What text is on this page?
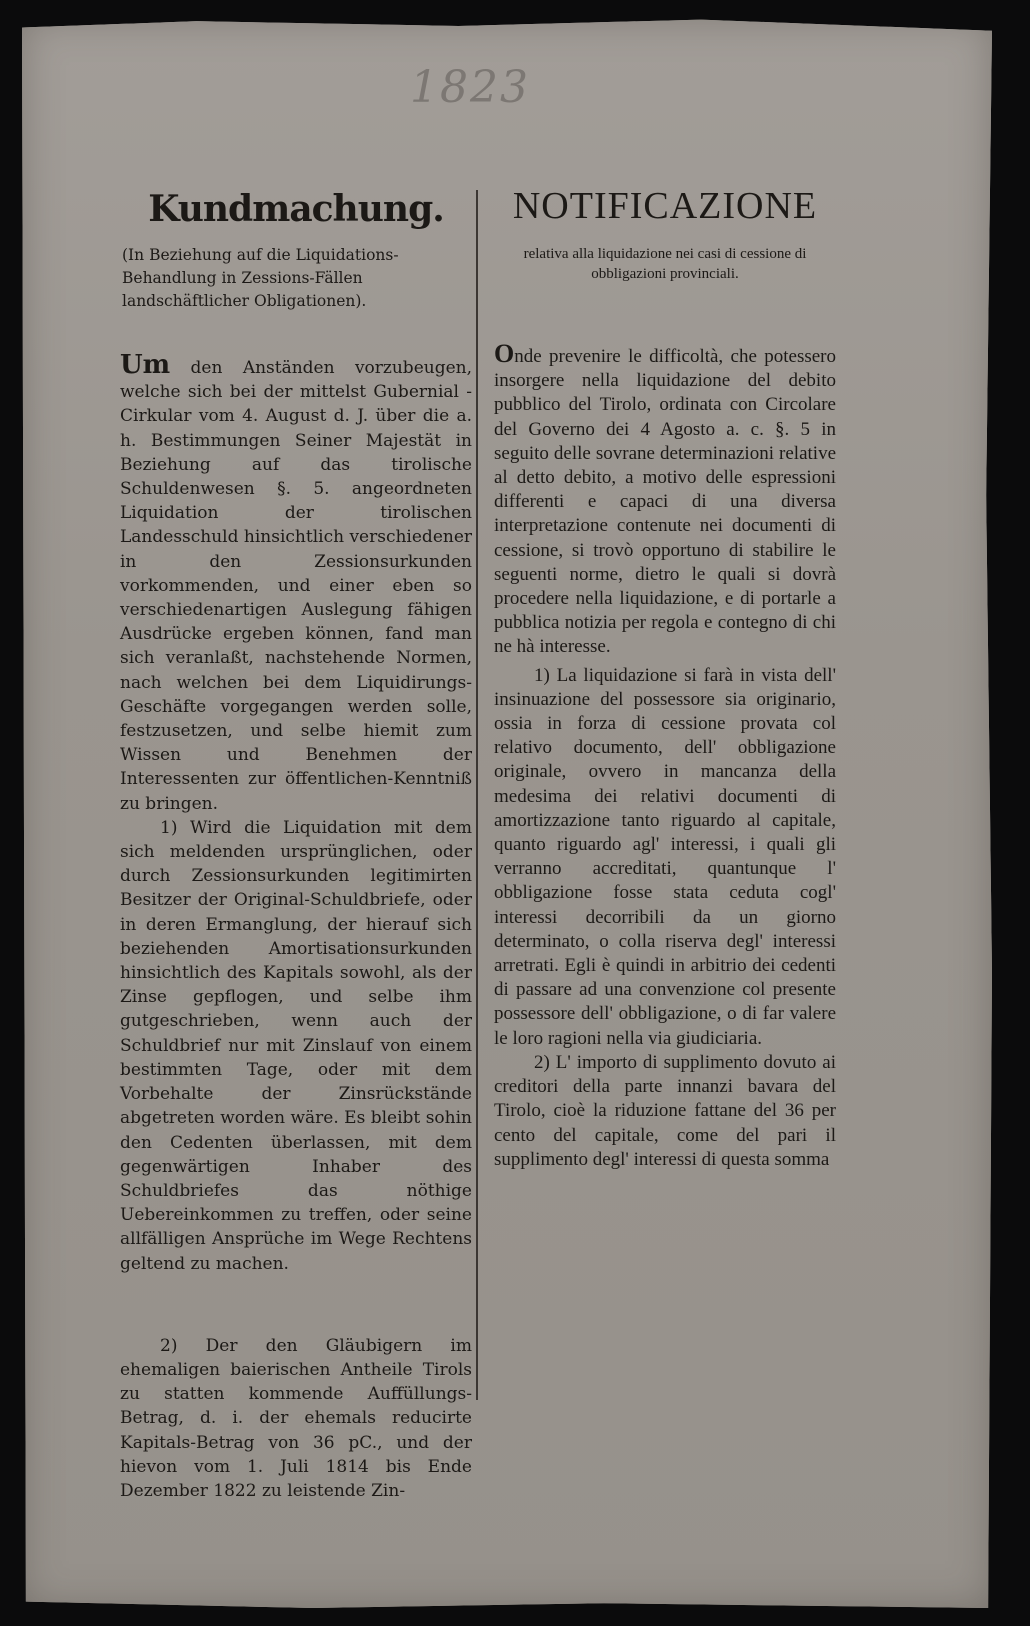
1823
Kundmachung.
(In Beziehung auf die Liquidations-Behandlung in Zessions-Fällen landschäftlicher Obligationen).

Um den Anständen vorzubeugen, welche sich bei der mittelst Gubernial - Cirkular vom 4. August d. J. über die a. h. Bestimmungen Seiner Majestät in Beziehung auf das tirolische Schuldenwesen §. 5. angeordneten Liquidation der tirolischen Landesschuld hinsichtlich verschiedener in den Zessionsurkunden vorkommenden, und einer eben so verschiedenartigen Auslegung fähigen Ausdrücke ergeben können, fand man sich veranlaßt, nachstehende Normen, nach welchen bei dem Liquidirungs-Geschäfte vorgegangen werden solle, festzusetzen, und selbe hiemit zum Wissen und Benehmen der Interessenten zur öffentlichen-Kenntniß zu bringen.

1) Wird die Liquidation mit dem sich meldenden ursprünglichen, oder durch Zessionsurkunden legitimirten Besitzer der Original-Schuldbriefe, oder in deren Ermanglung, der hierauf sich beziehenden Amortisationsurkunden hinsichtlich des Kapitals sowohl, als der Zinse gepflogen, und selbe ihm gutgeschrieben, wenn auch der Schuldbrief nur mit Zinslauf von einem bestimmten Tage, oder mit dem Vorbehalte der Zinsrückstände abgetreten worden wäre. Es bleibt sohin den Cedenten überlassen, mit dem gegenwärtigen Inhaber des Schuldbriefes das nöthige Uebereinkommen zu treffen, oder seine allfälligen Ansprüche im Wege Rechtens geltend zu machen.

2) Der den Gläubigern im ehemaligen baierischen Antheile Tirols zu statten kommende Auffüllungs-Betrag, d. i. der ehemals reducirte Kapitals-Betrag von 36 pC., und der hievon vom 1. Juli 1814 bis Ende Dezember 1822 zu leistende Zin-

NOTIFICAZIONE
relativa alla liquidazione nei casi di cessione di obbligazioni provinciali.

Onde prevenire le difficoltà, che potessero insorgere nella liquidazione del debito pubblico del Tirolo, ordinata con Circolare del Governo dei 4 Agosto a. c. §. 5 in seguito delle sovrane determinazioni relative al detto debito, a motivo delle espressioni differenti e capaci di una diversa interpretazione contenute nei documenti di cessione, si trovò opportuno di stabilire le seguenti norme, dietro le quali si dovrà procedere nella liquidazione, e di portarle a pubblica notizia per regola e contegno di chi ne hà interesse.

1) La liquidazione si farà in vista dell' insinuazione del possessore sia originario, ossia in forza di cessione provata col relativo documento, dell' obbligazione originale, ovvero in mancanza della medesima dei relativi documenti di amortizzazione tanto riguardo al capitale, quanto riguardo agl' interessi, i quali gli verranno accreditati, quantunque l' obbligazione fosse stata ceduta cogl' interessi decorribili da un giorno determinato, o colla riserva degl' interessi arretrati. Egli è quindi in arbitrio dei cedenti di passare ad una convenzione col presente possessore dell' obbligazione, o di far valere le loro ragioni nella via giudiciaria.

2) L' importo di supplimento dovuto ai creditori della parte innanzi bavara del Tirolo, cioè la riduzione fattane del 36 per cento del capitale, come del pari il supplimento degl' interessi di questa somma
